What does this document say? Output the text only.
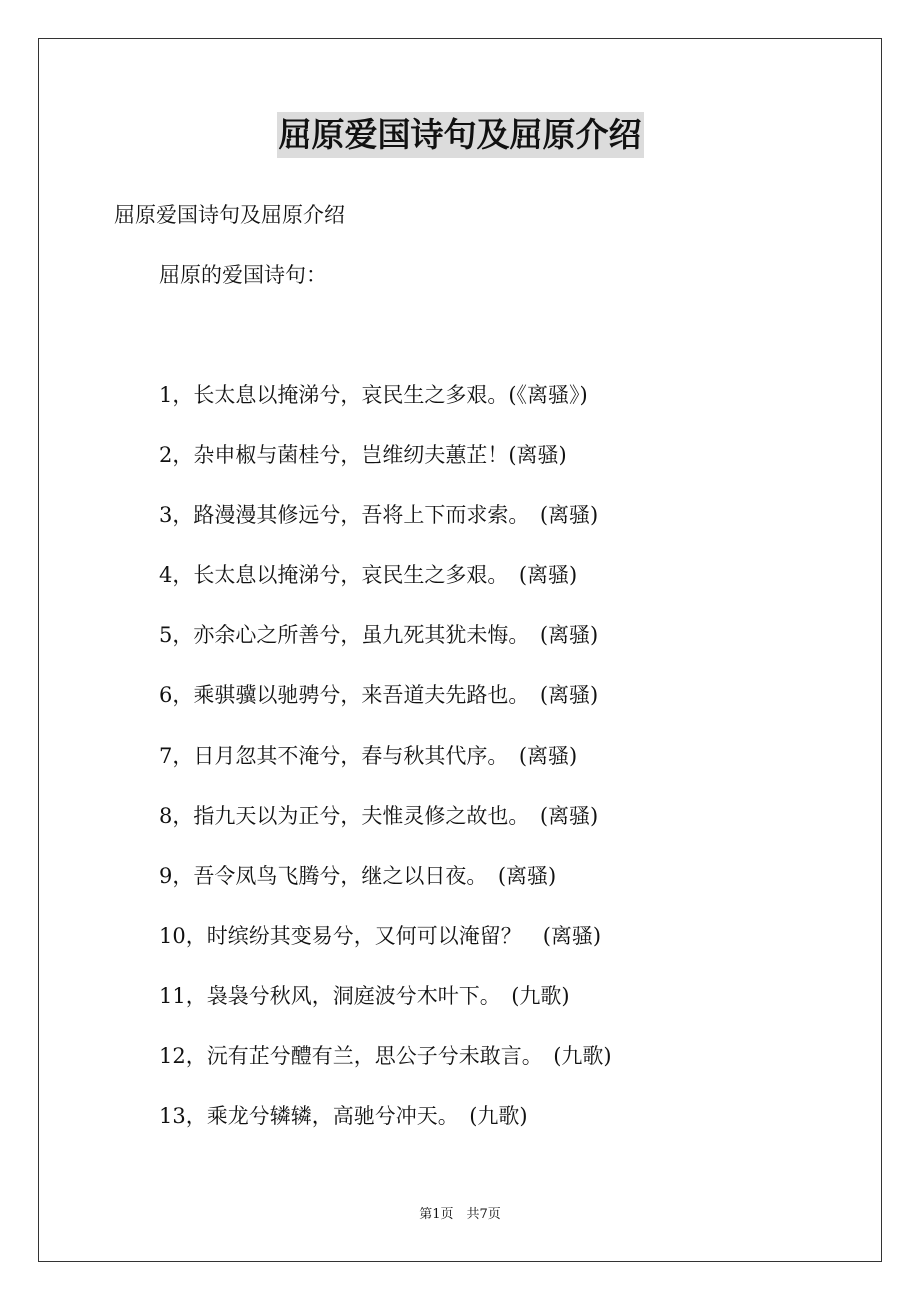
屈原爱国诗句及屈原介绍
屈原爱国诗句及屈原介绍
屈原的爱国诗句：
1，长太息以掩涕兮，哀民生之多艰。(《离骚》)
2，杂申椒与菌桂兮，岂维纫夫蕙芷！(离骚)
3，路漫漫其修远兮，吾将上下而求索。　(离骚)
4，长太息以掩涕兮，哀民生之多艰。　(离骚)
5，亦余心之所善兮，虽九死其犹未悔。　(离骚)
6，乘骐骥以驰骋兮，来吾道夫先路也。　(离骚)
7，日月忽其不淹兮，春与秋其代序。　(离骚)
8，指九天以为正兮，夫惟灵修之故也。　(离骚)
9，吾令凤鸟飞腾兮，继之以日夜。　(离骚)
10，时缤纷其变易兮，又何可以淹留？　(离骚)
11，袅袅兮秋风，洞庭波兮木叶下。　(九歌)
12，沅有芷兮醴有兰，思公子兮未敢言。　(九歌)
13，乘龙兮辚辚，高驰兮冲天。　(九歌)
第1页　共7页
